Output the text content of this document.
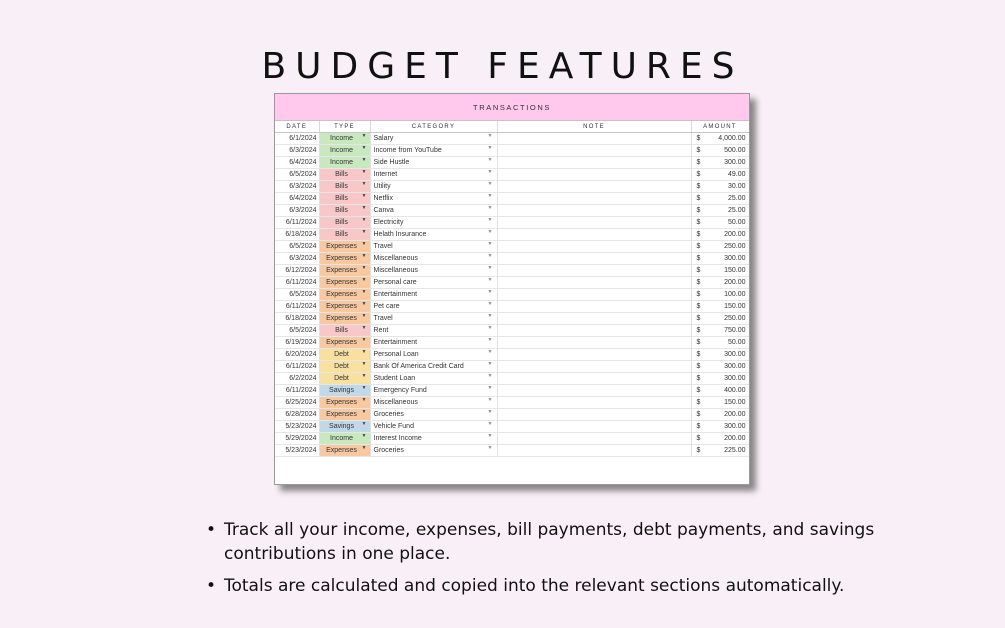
BUDGET FEATURES
TRANSACTIONS
DATE	TYPE	CATEGORY	NOTE	AMOUNT
6/1/2024	Income ▼	Salary ▼		$ 4,000.00
6/3/2024	Income ▼	Income from YouTube ▼		$ 500.00
6/4/2024	Income ▼	Side Hustle ▼		$ 300.00
6/5/2024	Bills ▼	Internet ▼		$ 49.00
6/3/2024	Bills ▼	Utility ▼		$ 30.00
6/4/2024	Bills ▼	Netflix ▼		$ 25.00
6/3/2024	Bills ▼	Canva ▼		$ 25.00
6/11/2024	Bills ▼	Electricity ▼		$ 50.00
6/18/2024	Bills ▼	Helath Insurance ▼		$ 200.00
6/5/2024	Expenses ▼	Travel ▼		$ 250.00
6/3/2024	Expenses ▼	Miscellaneous ▼		$ 300.00
6/12/2024	Expenses ▼	Miscellaneous ▼		$ 150.00
6/11/2024	Expenses ▼	Personal care ▼		$ 200.00
6/5/2024	Expenses ▼	Entertainment ▼		$ 100.00
6/11/2024	Expenses ▼	Pet care ▼		$ 150.00
6/18/2024	Expenses ▼	Travel ▼		$ 250.00
6/5/2024	Bills ▼	Rent ▼		$ 750.00
6/19/2024	Expenses ▼	Entertainment ▼		$ 50.00
6/20/2024	Debt ▼	Personal Loan ▼		$ 300.00
6/11/2024	Debt ▼	Bank Of America Credit Card ▼		$ 300.00
6/2/2024	Debt ▼	Student Loan ▼		$ 300.00
6/11/2024	Savings ▼	Emergency Fund ▼		$ 400.00
6/25/2024	Expenses ▼	Miscellaneous ▼		$ 150.00
6/28/2024	Expenses ▼	Groceries ▼		$ 200.00
5/23/2024	Savings ▼	Vehicle Fund ▼		$ 300.00
5/29/2024	Income ▼	Interest Income ▼		$ 200.00
5/23/2024	Expenses ▼	Groceries ▼		$ 225.00
• Track all your income, expenses, bill payments, debt payments, and savings contributions in one place.
• Totals are calculated and copied into the relevant sections automatically.
